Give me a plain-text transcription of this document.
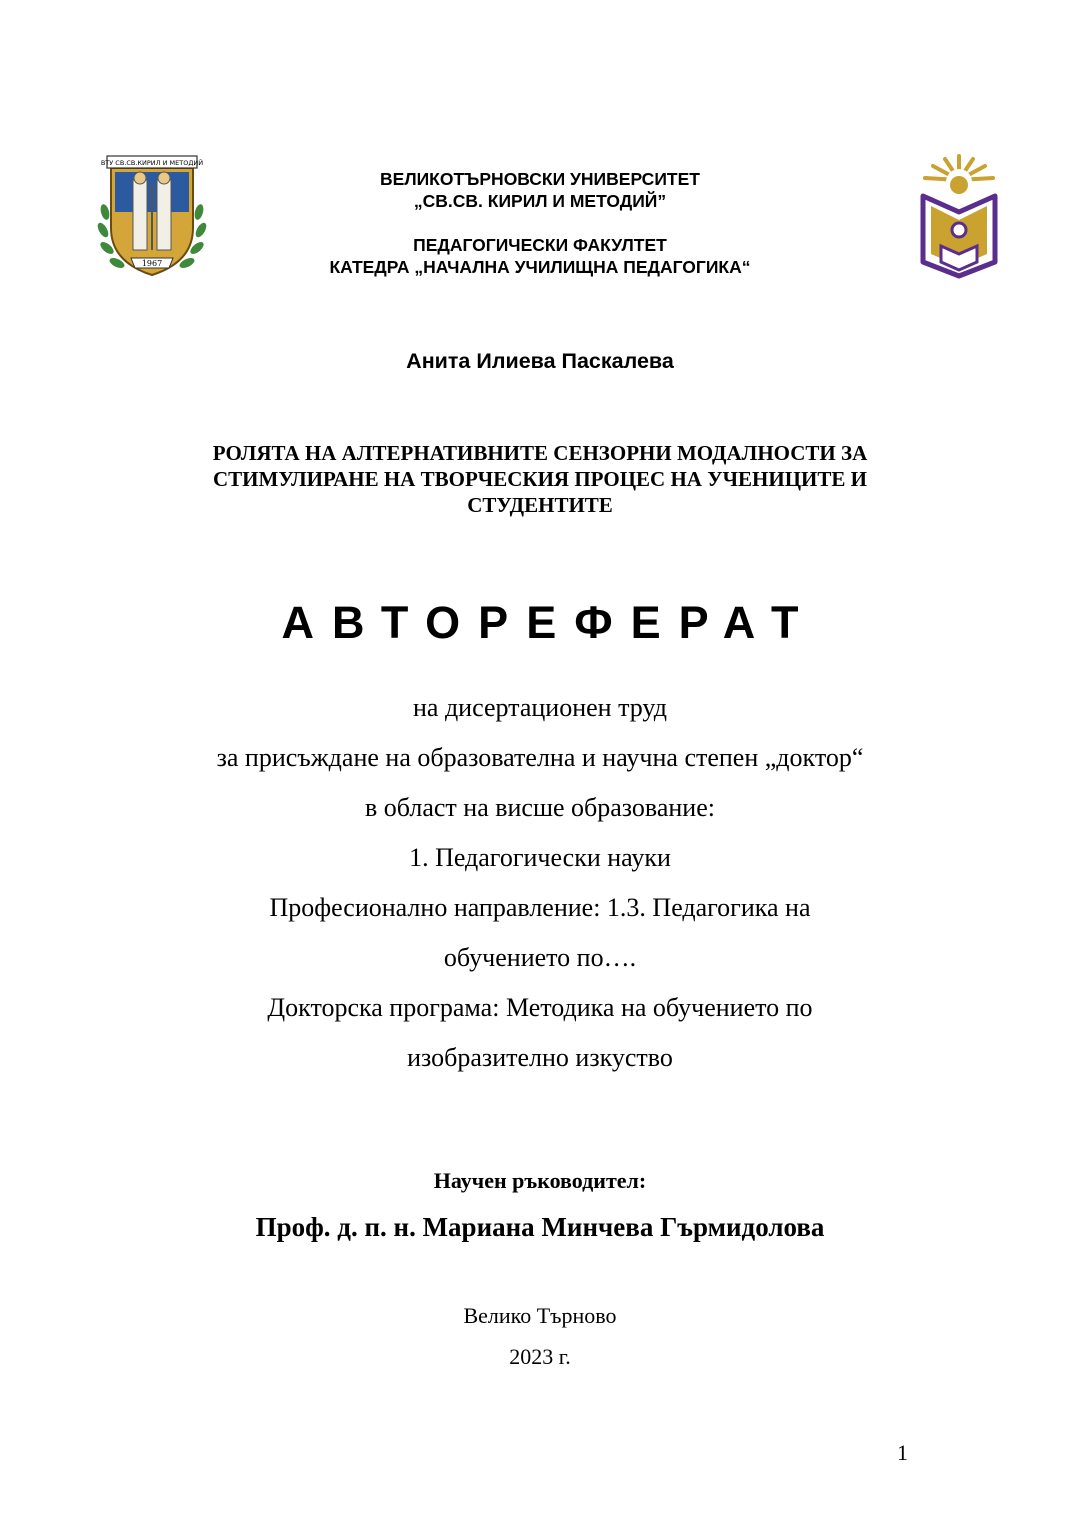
ВТУ СВ.СВ.КИРИЛ И МЕТОДИЙ
1967
ВЕЛИКОТЪРНОВСКИ УНИВЕРСИТЕТ
„СВ.СВ. КИРИЛ И МЕТОДИЙ”
ПЕДАГОГИЧЕСКИ ФАКУЛТЕТ
КАТЕДРА „НАЧАЛНА УЧИЛИЩНА ПЕДАГОГИКА“
Анита Илиева Паскалева
РОЛЯТА НА АЛТЕРНАТИВНИТЕ СЕНЗОРНИ МОДАЛНОСТИ ЗА
СТИМУЛИРАНЕ НА ТВОРЧЕСКИЯ ПРОЦЕС НА УЧЕНИЦИТЕ И
СТУДЕНТИТЕ
АВТОРЕФЕРАТ
на дисертационен труд
за присъждане на образователна и научна степен „доктор“
в област на висше образование:
1. Педагогически науки
Професионално направление: 1.3. Педагогика на
обучението по….
Докторска програма: Методика на обучението по
изобразително изкуство
Научен ръководител:
Проф. д. п. н. Мариана Минчева Гърмидолова
Велико Търново
2023 г.
1
